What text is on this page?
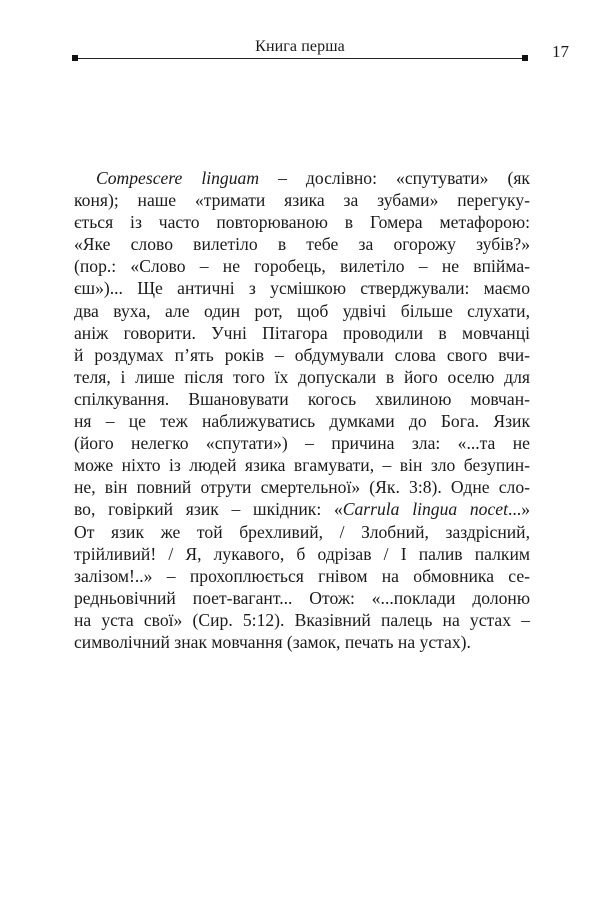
Книга перша	17
Compescere linguam – дослівно: «спутувати» (як
коня); наше «тримати язика за зубами» перегуку-
ється із часто повторюваною в Гомера метафорою:
«Яке слово вилетіло в тебе за огорожу зубів?»
(пор.: «Слово – не горобець, вилетіло – не впійма-
єш»)... Ще античні з усмішкою стверджували: маємо
два вуха, але один рот, щоб удвічі більше слухати,
аніж говорити. Учні Пітагора проводили в мовчанці
й роздумах п’ять років – обдумували слова свого вчи-
теля, і лише після того їх допускали в його оселю для
спілкування. Вшановувати когось хвилиною мовчан-
ня – це теж наближуватись думками до Бога. Язик
(його нелегко «спутати») – причина зла: «...та не
може ніхто із людей язика вгамувати, – він зло безупин-
не, він повний отрути смертельної» (Як. 3:8). Одне сло-
во, говіркий язик – шкідник: «Carrula lingua nocet...»
От язик же той брехливий, / Злобний, заздрісний,
трійливий! / Я, лукавого, б одрізав / І палив палким
залізом!..» – прохоплюється гнівом на обмовника се-
редньовічний поет-вагант... Отож: «...поклади долоню
на уста свої» (Сир. 5:12). Вказівний палець на устах –
символічний знак мовчання (замок, печать на устах).
